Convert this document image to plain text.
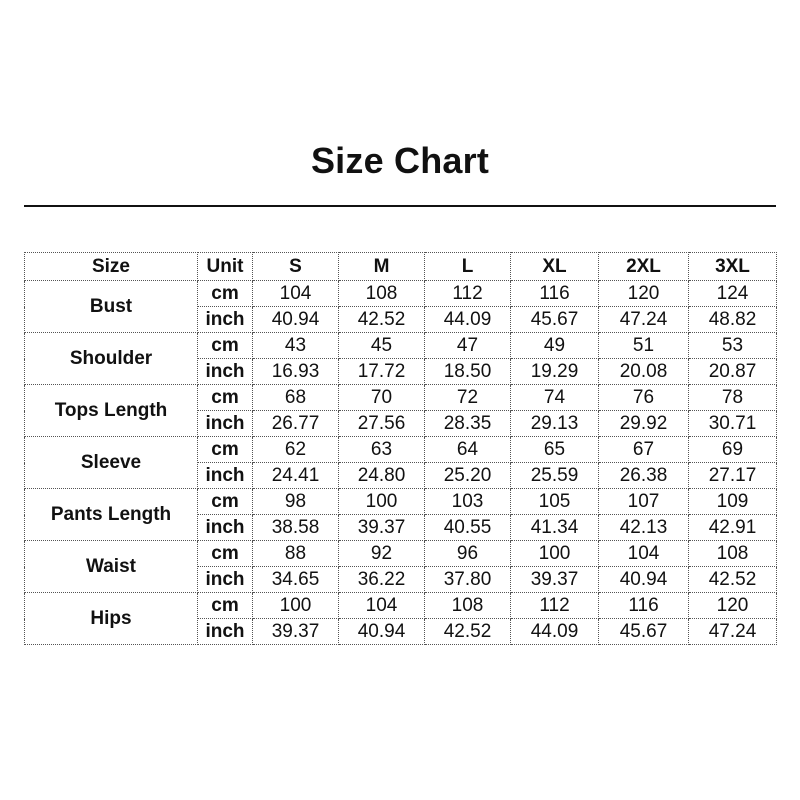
Size Chart
Size	Unit	S	M	L	XL	2XL	3XL
Bust	cm	104	108	112	116	120	124
	inch	40.94	42.52	44.09	45.67	47.24	48.82
Shoulder	cm	43	45	47	49	51	53
	inch	16.93	17.72	18.50	19.29	20.08	20.87
Tops Length	cm	68	70	72	74	76	78
	inch	26.77	27.56	28.35	29.13	29.92	30.71
Sleeve	cm	62	63	64	65	67	69
	inch	24.41	24.80	25.20	25.59	26.38	27.17
Pants Length	cm	98	100	103	105	107	109
	inch	38.58	39.37	40.55	41.34	42.13	42.91
Waist	cm	88	92	96	100	104	108
	inch	34.65	36.22	37.80	39.37	40.94	42.52
Hips	cm	100	104	108	112	116	120
	inch	39.37	40.94	42.52	44.09	45.67	47.24
